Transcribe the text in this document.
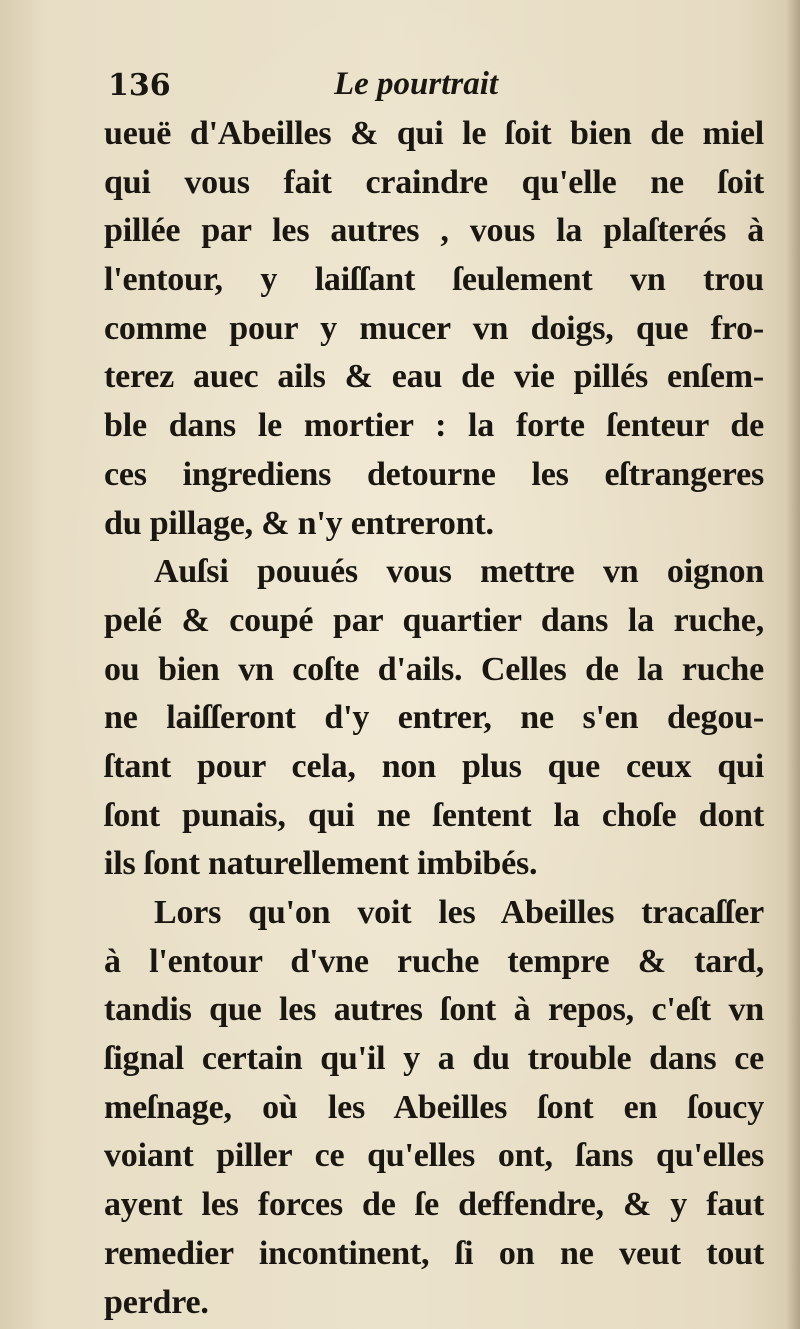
136	Le pourtrait
ueuë d'Abeilles & qui le ſoit bien de miel
qui vous fait craindre qu'elle ne ſoit
pillée par les autres , vous la plaſterés à
l'entour, y laiſſant ſeulement vn trou
comme pour y mucer vn doigs, que fro-
terez auec ails & eau de vie pillés enſem-
ble dans le mortier : la forte ſenteur de
ces ingrediens detourne les eſtrangeres
du pillage, & n'y entreront.
Auſsi pouués vous mettre vn oignon
pelé & coupé par quartier dans la ruche,
ou bien vn coſte d'ails. Celles de la ruche
ne laiſſeront d'y entrer, ne s'en degou-
ſtant pour cela, non plus que ceux qui
ſont punais, qui ne ſentent la choſe dont
ils ſont naturellement imbibés.
Lors qu'on voit les Abeilles tracaſſer
à l'entour d'vne ruche tempre & tard,
tandis que les autres ſont à repos, c'eſt vn
ſignal certain qu'il y a du trouble dans ce
meſnage, où les Abeilles ſont en ſoucy
voiant piller ce qu'elles ont, ſans qu'elles
ayent les forces de ſe deffendre, & y faut
remedier incontinent, ſi on ne veut tout
perdre.
